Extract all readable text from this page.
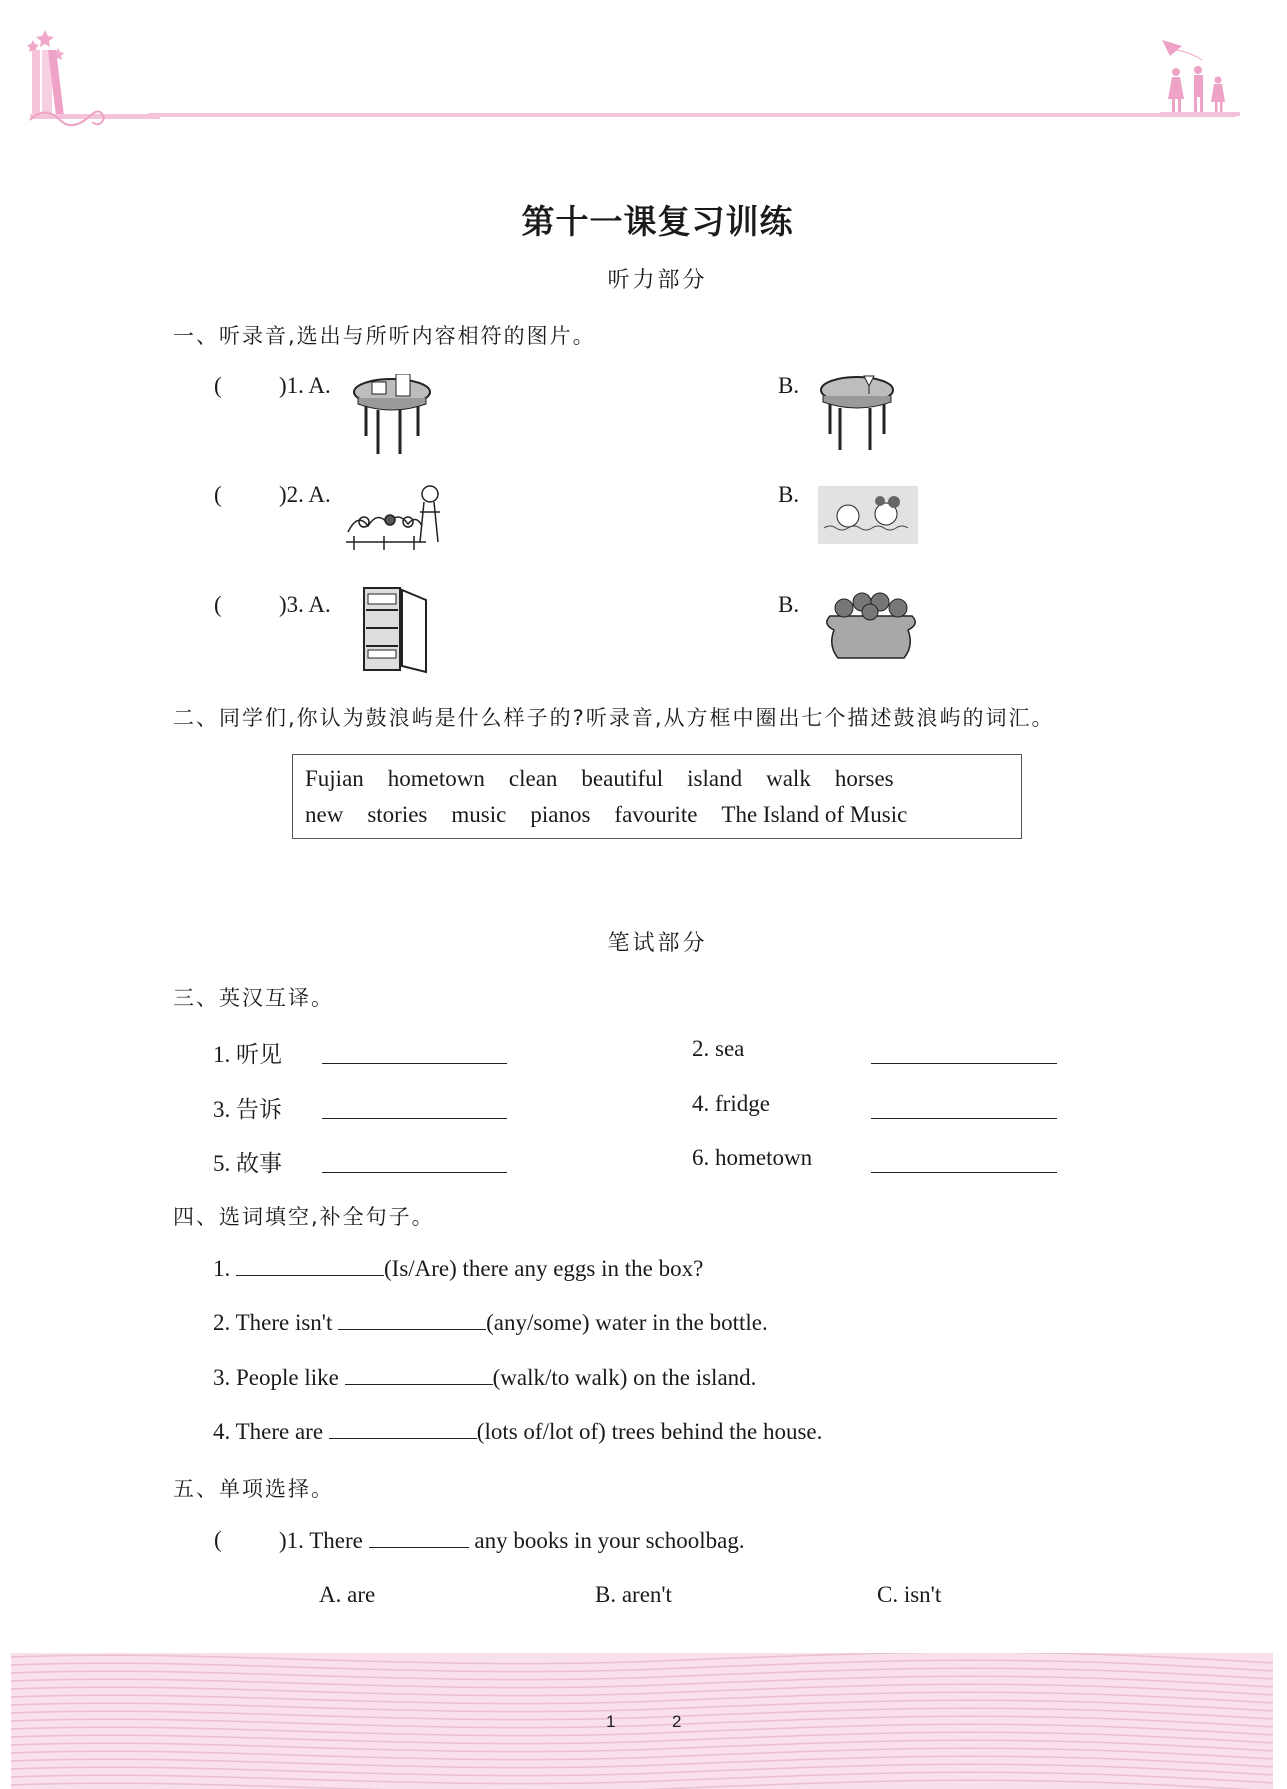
第十一课复习训练
听力部分
一、听录音,选出与所听内容相符的图片。
( )1. A.	B.
( )2. A.	B.
( )3. A.	B.
二、同学们,你认为鼓浪屿是什么样子的?听录音,从方框中圈出七个描述鼓浪屿的词汇。
Fujian hometown clean beautiful island walk horses
new stories music pianos favourite The Island of Music
笔试部分
三、英汉互译。
1. 听见	2. sea
3. 告诉	4. fridge
5. 故事	6. hometown
四、选词填空,补全句子。
1.	(Is/Are) there any eggs in the box?
2. There isn't	(any/some) water in the bottle.
3. People like	(walk/to walk) on the island.
4. There are	(lots of/lot of) trees behind the house.
五、单项选择。
( )1. There	any books in your schoolbag.
A. are	B. aren't	C. isn't
1	2
